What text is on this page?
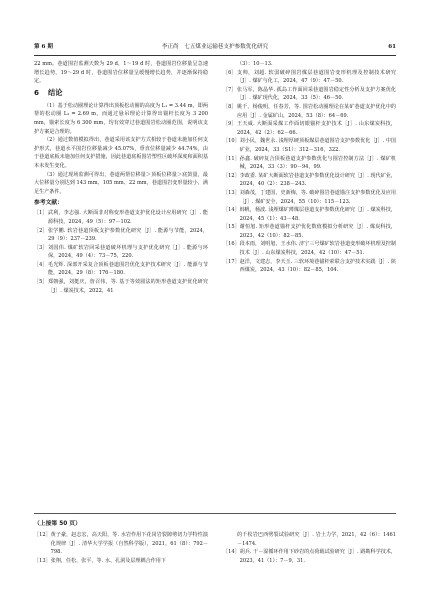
第 6 期	李正尚　七五煤业运输巷支护参数优化研究	61

22 mm。巷道围岩监测天数为 29 d，1～19 d 时，巷道围岩位移量呈急速增长趋势，19～29 d 时，巷道围岩位移量呈缓慢增长趋势，并逐渐保持稳定。

6 结论

（1）基于松动圈理论计算得出顶板松动圈的高度为 L₁ = 3.44 m，即两帮的松动圈 L₂ = 2.69 m，而通过悬吊理论计算得出锚杆长度为 3 200 mm，锚索长度为 6 300 mm，均有效穿过巷道围岩松动圈范围，说明该支护方案是合理的。

（2）通过数值模拟得出，巷道采用该支护方式相较于巷道未施加任何支护形式，巷道水平围岩位移量减少 45.07%，垂直位移量减少 44.74%，由于巷道底板未施加任何支护措施，因此巷道底板围岩塑性区破坏深度和面积基本未发生变化。

（3）通过现场监测可得出，巷道两帮位移量＞顶板位移量＞底鼓量，最大位移量分别达到 143 mm、105 mm、22 mm，巷道围岩变形量较小，满足生产条件。

参考文献：
［1］ 武利，李志强. 大断面非对称变形巷道支护优化设计应用研究［J］. 能源科技，2024，49（5）：97－102.
［2］ 张学鹏. 软岩巷道顶板支护参数优化研究［J］. 能源与节能，2024，29（9）：237－239.
［3］ 刘国伟. 煤矿软岩回采巷道破坏机理与支护优化研究［J］. 能源与环保，2024，49（4）：73－75，220.
［4］ 毛光辉. 深部开采复合顶板巷道围岩优化支护技术研究［J］. 能源与节能，2024，29（8）：176－180.
［5］ 郑朝强，刘挺庆，詹召伟，等. 基于等效圆法的矩形巷道支护优化研究［J］. 煤炭技术，2022，41
（3）：10－13.
［6］ 支帅，刘超. 软弱破碎围岩煤层巷道围岩变形机理及控制技术研究［J］. 煤矿与化工，2024，47（9）：47－50.
［7］ 张马军，陈晶华. 孤岛工作面回采巷道围岩稳定性分析及支护方案优化［J］. 煤矿现代化，2024，33（5）：46－50.
［8］ 姚千，杨俊明，任春芳，等. 围岩松动圈理论在某矿巷道支护优化中的应用［J］. 金属矿山，2024，53（8）：64－69.
［9］ 王天威. 大断面采煤工作面切眼锚杆支护技术［J］. 山东煤炭科技，2024，42（2）：62－66.
［10］ 刘小民，魏世永. 浅埋厚硬顶板煤层巷道围岩支护参数优化［J］. 中国矿业，2024，33（S1）：312－316，322.
［11］ 孙鑫. 破碎复合顶板巷道支护参数优化与围岩控制方法［J］. 煤矿机械，2024，33（3）：90－94，99.
［12］ 李政委. 某矿大断面软岩巷道支护参数优化设计研究［J］. 现代矿业，2024，40（2）：238－243.
［13］ 刘森茂，丁建国，史新梅，等. 破碎围岩巷道锚注支护参数优化及应用［J］. 煤矿安全，2024，55（10）：115－123.
［14］ 韩帆，杨波. 浅埋煤矿薄煤层巷道支护参数优化研究［J］. 煤炭科技，2024，45（1）：43－48.
［15］ 谢恒旭. 矩形巷道锚杆支护优化数值模拟分析研究［J］. 煤炭科技，2023，42（10）：82－85.
［16］ 段本雨，刘明旭，王水伟. 济宁三号煤矿软岩巷道变形破坏机理及控制技术［J］. 山东煤炭科技，2024，42（10）：47－51.
［17］ 赵洋，文建志，李天玉. 三软环境巷锚杆索联合支护技术实践［J］. 陕西煤炭，2024，43（10）：82－85，104.
（上接第 50 页）
［12］ 黄子豪，赵志宏，高天阳，等. 水岩作用下花岗岩裂隙剪切力学特性演化规律［J］. 清华大学学报（自然科学版），2021，61（8）：792－798.
［13］ 张翔，任松，张平，等. 水、孔洞及层理耦合作用下
的千枚岩巴西劈裂试验研究［J］. 岩土力学，2021，42（6）：1461－1474.
［14］ 胡兵. 干－湿循环作用下砂岩的点荷载试验研究［J］. 路勘科学技术，2023，41（1）：7－9，31.
